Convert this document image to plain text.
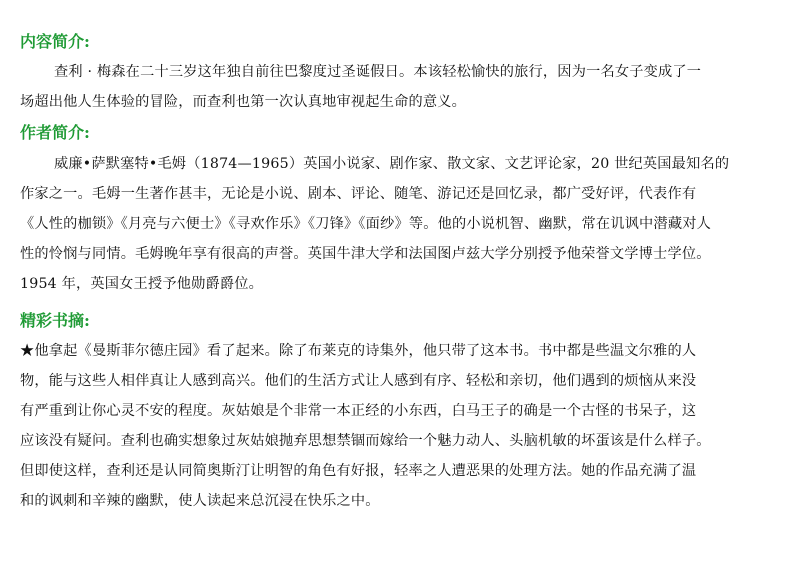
内容简介:
查利 · 梅森在二十三岁这年独自前往巴黎度过圣诞假日。本该轻松愉快的旅行，因为一名女子变成了一
场超出他人生体验的冒险，而查利也第一次认真地审视起生命的意义。
作者简介:
威廉•萨默塞特•毛姆（1874—1965）英国小说家、剧作家、散文家、文艺评论家，20 世纪英国最知名的
作家之一。毛姆一生著作甚丰，无论是小说、剧本、评论、随笔、游记还是回忆录，都广受好评，代表作有
《人性的枷锁》《月亮与六便士》《寻欢作乐》《刀锋》《面纱》等。他的小说机智、幽默，常在讥讽中潜藏对人
性的怜悯与同情。毛姆晚年享有很高的声誉。英国牛津大学和法国图卢兹大学分别授予他荣誉文学博士学位。
1954 年，英国女王授予他勋爵爵位。
精彩书摘:
★他拿起《曼斯菲尔德庄园》看了起来。除了布莱克的诗集外，他只带了这本书。书中都是些温文尔雅的人
物，能与这些人相伴真让人感到高兴。他们的生活方式让人感到有序、轻松和亲切，他们遇到的烦恼从来没
有严重到让你心灵不安的程度。灰姑娘是个非常一本正经的小东西，白马王子的确是一个古怪的书呆子，这
应该没有疑问。查利也确实想象过灰姑娘抛弃思想禁锢而嫁给一个魅力动人、头脑机敏的坏蛋该是什么样子。
但即使这样，查利还是认同简奥斯汀让明智的角色有好报，轻率之人遭恶果的处理方法。她的作品充满了温
和的讽刺和辛辣的幽默，使人读起来总沉浸在快乐之中。
